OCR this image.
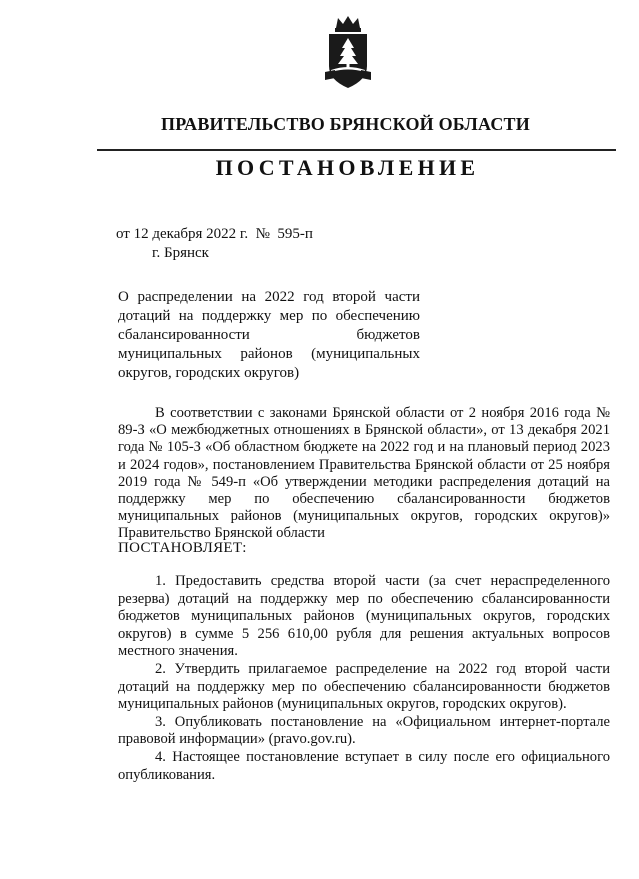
ПРАВИТЕЛЬСТВО БРЯНСКОЙ ОБЛАСТИ
ПОСТАНОВЛЕНИЕ
от 12 декабря 2022 г.  №  595-п
г. Брянск
О распределении на 2022 год второй части дотаций на поддержку мер по обеспечению сбалансированности бюджетов муниципальных районов (муниципальных округов, городских округов)

В соответствии с законами Брянской области от 2 ноября 2016 года № 89-З «О межбюджетных отношениях в Брянской области», от 13 декабря 2021 года № 105-З «Об областном бюджете на 2022 год и на плановый период 2023 и 2024 годов», постановлением Правительства Брянской области от 25 ноября 2019 года № 549-п «Об утверждении методики распределения дотаций на поддержку мер по обеспечению сбалансированности бюджетов муниципальных районов (муниципальных округов, городских округов)» Правительство Брянской области

ПОСТАНОВЛЯЕТ:

1. Предоставить средства второй части (за счет нераспределенного резерва) дотаций на поддержку мер по обеспечению сбалансированности бюджетов муниципальных районов (муниципальных округов, городских округов) в сумме 5 256 610,00 рубля для решения актуальных вопросов местного значения.

2. Утвердить прилагаемое распределение на 2022 год второй части дотаций на поддержку мер по обеспечению сбалансированности бюджетов муниципальных районов (муниципальных округов, городских округов).

3. Опубликовать постановление на «Официальном интернет-портале правовой информации» (pravo.gov.ru).

4. Настоящее постановление вступает в силу после его официального опубликования.
